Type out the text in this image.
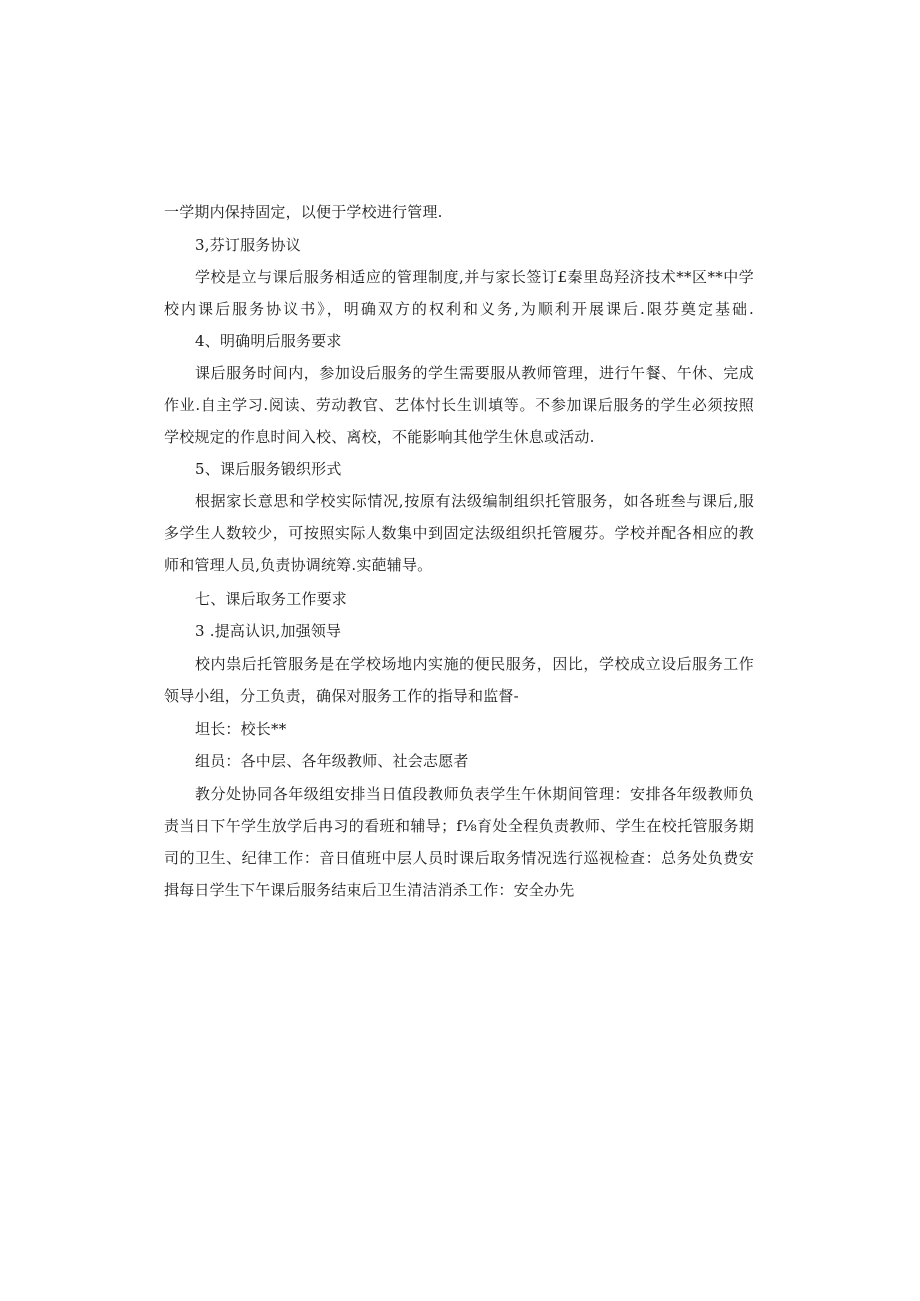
一学期内保持固定，以便于学校进行管理.
3,芬订服务协议
学校是立与课后服务相适应的管理制度,并与家长签订£秦里岛羟济技术**区**中学
校内课后服务协议书》，明确双方的权利和义务,为顺利开展课后.限芬奠定基础.
4、明确明后服务要求
课后服务时间内，参加设后服务的学生需要服从教师管理，进行午餐、午休、完成
作业.自主学习.阅读、劳动教官、艺体忖长生训填等。不参加课后服务的学生必须按照
学校规定的作息时间入校、离校，不能影响其他学生休息或活动.
5、课后服务锻织形式
根据家长意思和学校实际情况,按原有法级编制组织托管服务，如各班叁与课后,服
多学生人数较少，可按照实际人数集中到固定法级组织托管履芬。学校并配各相应的教
师和管理人员,负责协调统筹.实葩辅导。
七、课后取务工作要求
3 .提高认识,加强领导
校内祟后托管服务是在学校场地内实施的便民服务，因比，学校成立设后服务工作
领导小组，分工负责，确保对服务工作的指导和监督-
坦长：校长**
组员：各中层、各年级教师、社会志愿者
教分处协同各年级组安排当日值段教师负表学生午休期间管理：安排各年级教师负
责当日下午学生放学后冉习的看班和辅导；f⅛育处全程负责教师、学生在校托管服务期
司的卫生、纪律工作：音日值班中层人员时课后取务情况选行巡视检查：总务处负费安
揖每日学生下午课后服务结束后卫生清洁消杀工作：安全办先
